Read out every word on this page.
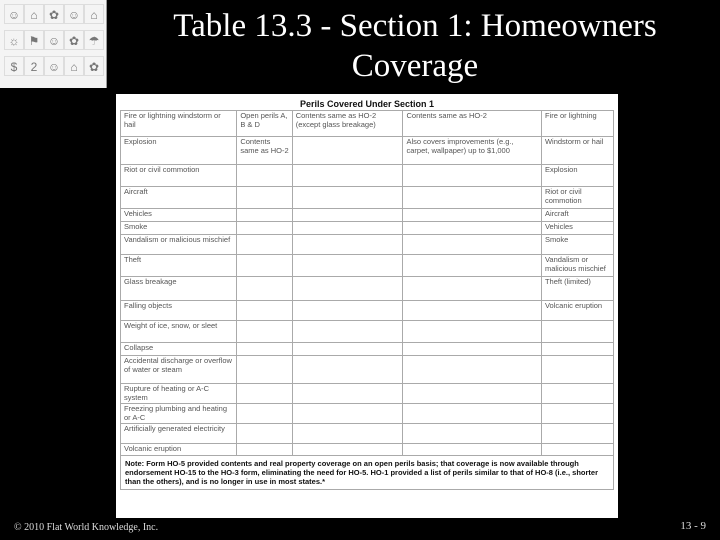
☺ ⌂ ✿ ☺ ⌂
☼ ⚑ ☺ ✿ ☂
$	2 ☺ ⌂ ✿
Table 13.3 - Section 1: Homeowners Coverage
Perils Covered Under Section 1
Fire or lightning windstorm or hail	Open perils A, B & D	Contents same as HO-2 (except glass breakage)	Contents same as HO-2	Fire or lightning
Explosion	Contents same as HO-2		Also covers improvements (e.g., carpet, wallpaper) up to $1,000	Windstorm or hail
Riot or civil commotion				Explosion
Aircraft				Riot or civil commotion
Vehicles				Aircraft
Smoke				Vehicles
Vandalism or malicious mischief				Smoke
Theft				Vandalism or malicious mischief
Glass breakage				Theft (limited)
Falling objects				Volcanic eruption
Weight of ice, snow, or sleet				
Collapse				
Accidental discharge or overflow of water or steam				
Rupture of heating or A-C system				
Freezing plumbing and heating or A-C				
Artificially generated electricity				
Volcanic eruption				
Note: Form HO-5 provided contents and real property coverage on an open perils basis; that coverage is now available through endorsement HO-15 to the HO-3 form, eliminating the need for HO-5. HO-1 provided a list of perils similar to that of HO-8 (i.e., shorter than the others), and is no longer in use in most states.*
© 2010 Flat World Knowledge, Inc.	13 - 9
